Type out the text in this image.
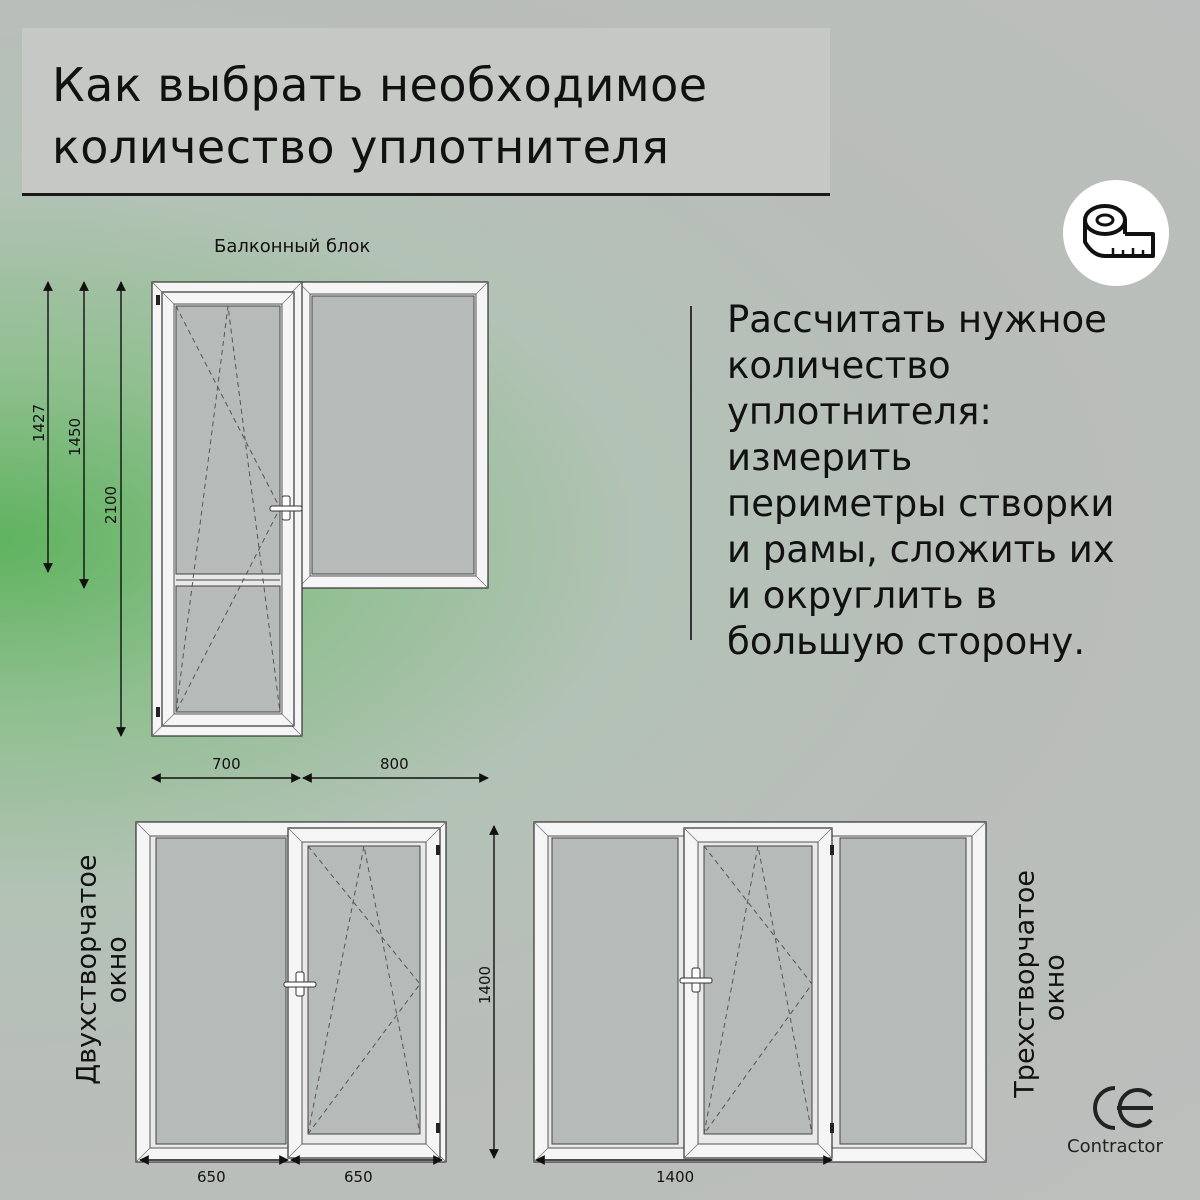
Как выбрать необходимое
количество уплотнителя
Рассчитать нужное
количество
уплотнителя:
измерить
периметры створки
и рамы, сложить их
и округлить в
большую сторону.
Балконный блок
1427 1450
2100
700	800
Двухстворчатое
окно
650	650
1400	Трехстворчатое
окно
1400
Contractor
